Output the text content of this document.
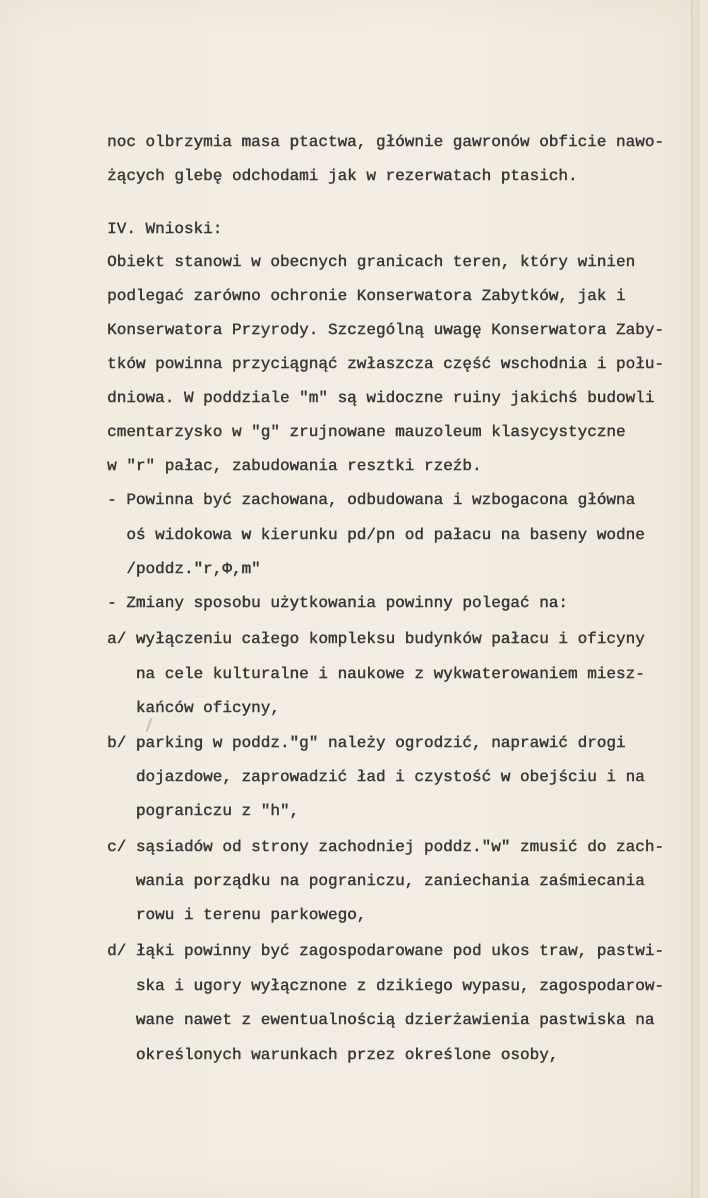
noc olbrzymia masa ptactwa, głównie gawronów obficie nawo-
żących glebę odchodami jak w rezerwatach ptasich.
IV. Wnioski:
Obiekt stanowi w obecnych granicach teren, który winien
podlegać zarówno ochronie Konserwatora Zabytków, jak i
Konserwatora Przyrody. Szczególną uwagę Konserwatora Zaby-
tków powinna przyciągnąć zwłaszcza część wschodnia i połu-
dniowa. W poddziale "m" są widoczne ruiny jakichś budowli
cmentarzysko w "g" zrujnowane mauzoleum klasycystyczne
w "r" pałac, zabudowania resztki rzeźb.
- Powinna być zachowana, odbudowana i wzbogacona główna
oś widokowa w kierunku pd/pn od pałacu na baseny wodne
/poddz."r,Φ,m"
- Zmiany sposobu użytkowania powinny polegać na:
a/ wyłączeniu całego kompleksu budynków pałacu i oficyny
na cele kulturalne i naukowe z wykwaterowaniem miesz-
kańców oficyny,
b/ parking w poddz."g" należy ogrodzić, naprawić drogi
dojazdowe, zaprowadzić ład i czystość w obejściu i na
pograniczu z "h",
c/ sąsiadów od strony zachodniej poddz."w" zmusić do zach-
wania porządku na pograniczu, zaniechania zaśmiecania
rowu i terenu parkowego,
d/ łąki powinny być zagospodarowane pod ukos traw, pastwi-
ska i ugory wyłącznone z dzikiego wypasu, zagospodarow-
wane nawet z ewentualnością dzierżawienia pastwiska na
określonych warunkach przez określone osoby,
